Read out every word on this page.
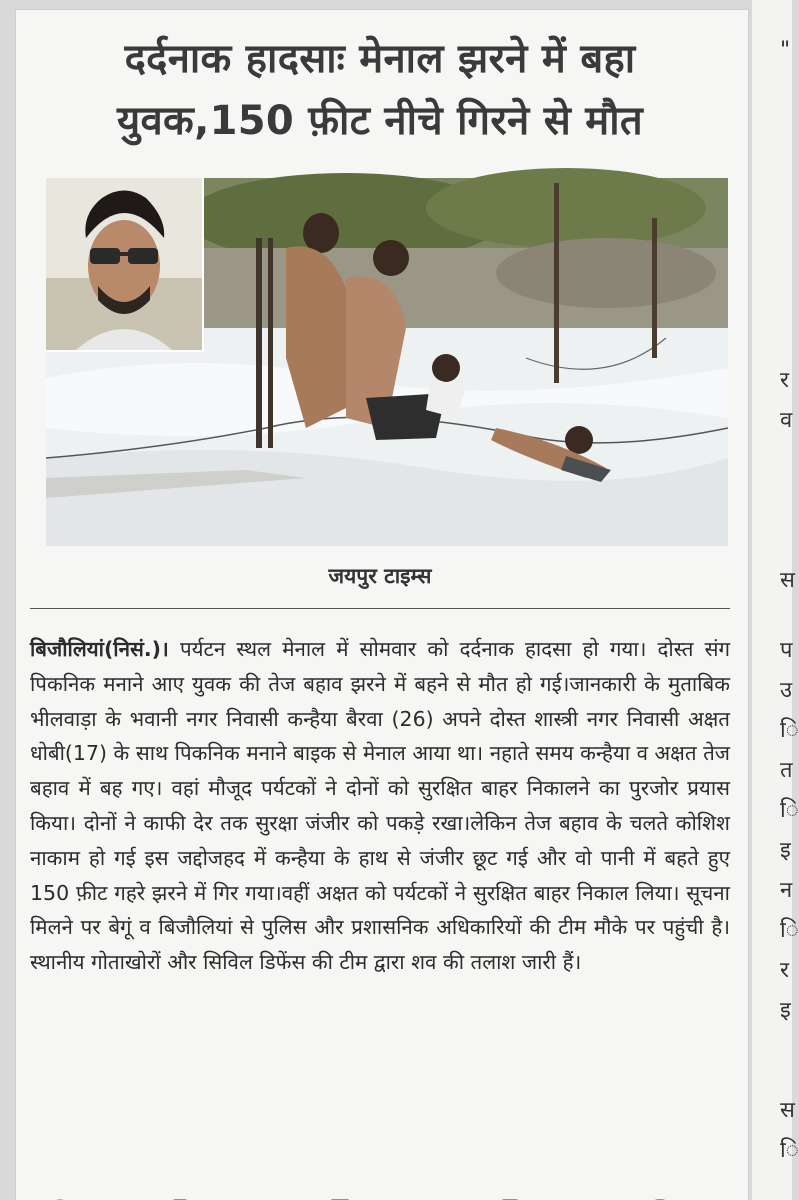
"
र
व
स
प
उ
ि
त
ि
इ
न
ि
र
इ
स
ि
दर्दनाक हादसाः मेनाल झरने में बहा
युवक,150 फ़ीट नीचे गिरने से मौत
जयपुर टाइम्स
बिजौलियां(निसं.)। पर्यटन स्थल मेनाल में सोमवार को दर्दनाक हादसा हो गया। दोस्त संग पिकनिक मनाने आए युवक की तेज बहाव झरने में बहने से मौत हो गई।जानकारी के मुताबिक भीलवाड़ा के भवानी नगर निवासी कन्हैया बैरवा (26) अपने दोस्त शास्त्री नगर निवासी अक्षत धोबी(17) के साथ पिकनिक मनाने बाइक से मेनाल आया था। नहाते समय कन्हैया व अक्षत तेज बहाव में बह गए। वहां मौजूद पर्यटकों ने दोनों को सुरक्षित बाहर निकालने का पुरजोर प्रयास किया। दोनों ने काफी देर तक सुरक्षा जंजीर को पकड़े रखा।लेकिन तेज बहाव के चलते कोशिश नाकाम हो गई इस जद्दोजहद में कन्हैया के हाथ से जंजीर छूट गई और वो पानी में बहते हुए 150 फ़ीट गहरे झरने में गिर गया।वहीं अक्षत को पर्यटकों ने सुरक्षित बाहर निकाल लिया। सूचना मिलने पर बेगूं व बिजौलियां से पुलिस और प्रशासनिक अधिकारियों की टीम मौके पर पहुंची है। स्थानीय गोताखोरों और सिविल डिफेंस की टीम द्वारा शव की तलाश जारी हैं।
